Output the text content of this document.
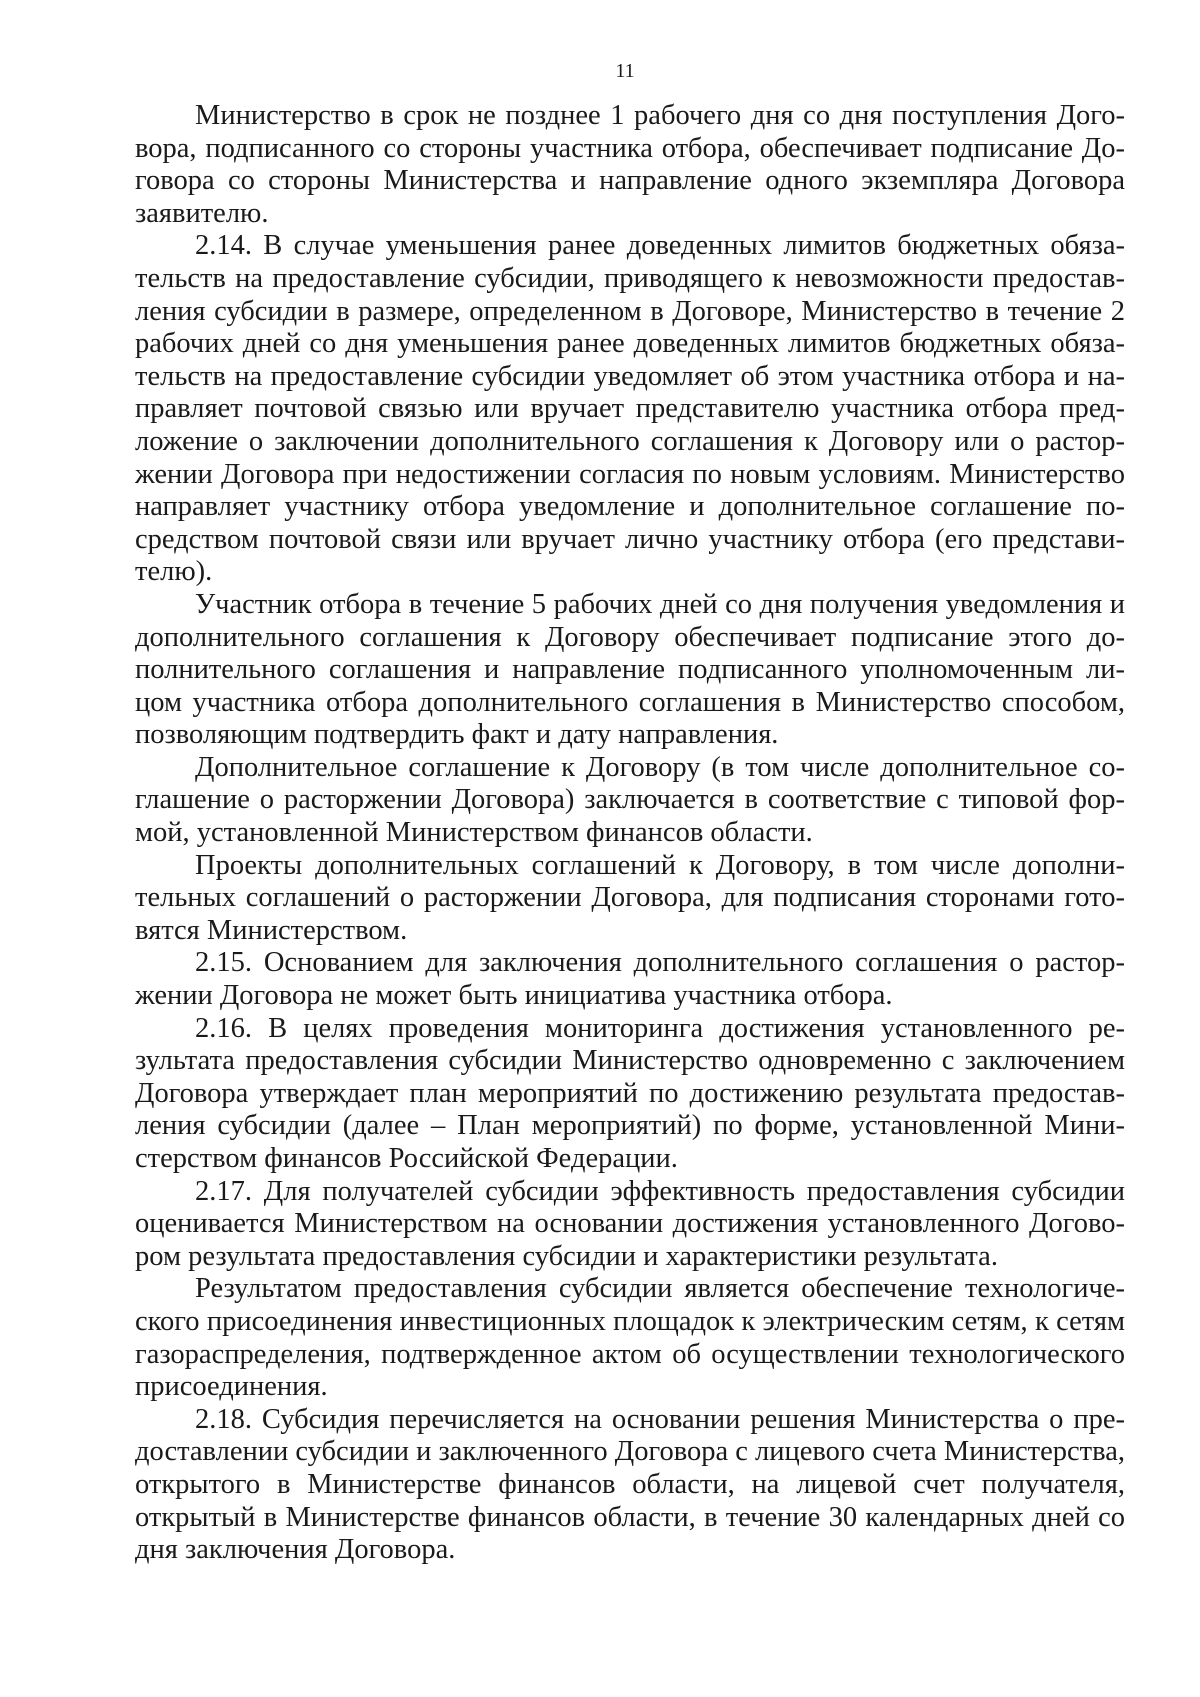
11

Министерство в срок не позднее 1 рабочего дня со дня поступления Договора, подписанного со стороны участника отбора, обеспечивает подписание Договора со стороны Министерства и направление одного экземпляра Договора заявителю.

2.14. В случае уменьшения ранее доведенных лимитов бюджетных обязательств на предоставление субсидии, приводящего к невозможности предоставления субсидии в размере, определенном в Договоре, Министерство в течение 2 рабочих дней со дня уменьшения ранее доведенных лимитов бюджетных обязательств на предоставление субсидии уведомляет об этом участника отбора и направляет почтовой связью или вручает представителю участника отбора предложение о заключении дополнительного соглашения к Договору или о расторжении Договора при недостижении согласия по новым условиям. Министерство направляет участнику отбора уведомление и дополнительное соглашение посредством почтовой связи или вручает лично участнику отбора (его представителю).

Участник отбора в течение 5 рабочих дней со дня получения уведомления и дополнительного соглашения к Договору обеспечивает подписание этого дополнительного соглашения и направление подписанного уполномоченным лицом участника отбора дополнительного соглашения в Министерство способом, позволяющим подтвердить факт и дату направления.

Дополнительное соглашение к Договору (в том числе дополнительное соглашение о расторжении Договора) заключается в соответствие с типовой формой, установленной Министерством финансов области.

Проекты дополнительных соглашений к Договору, в том числе дополнительных соглашений о расторжении Договора, для подписания сторонами готовятся Министерством.

2.15. Основанием для заключения дополнительного соглашения о расторжении Договора не может быть инициатива участника отбора.

2.16. В целях проведения мониторинга достижения установленного результата предоставления субсидии Министерство одновременно с заключением Договора утверждает план мероприятий по достижению результата предоставления субсидии (далее – План мероприятий) по форме, установленной Министерством финансов Российской Федерации.

2.17. Для получателей субсидии эффективность предоставления субсидии оценивается Министерством на основании достижения установленного Договором результата предоставления субсидии и характеристики результата.

Результатом предоставления субсидии является обеспечение технологического присоединения инвестиционных площадок к электрическим сетям, к сетям газораспределения, подтвержденное актом об осуществлении технологического присоединения.

2.18. Субсидия перечисляется на основании решения Министерства о предоставлении субсидии и заключенного Договора с лицевого счета Министерства, открытого в Министерстве финансов области, на лицевой счет получателя, открытый в Министерстве финансов области, в течение 30 календарных дней со дня заключения Договора.
